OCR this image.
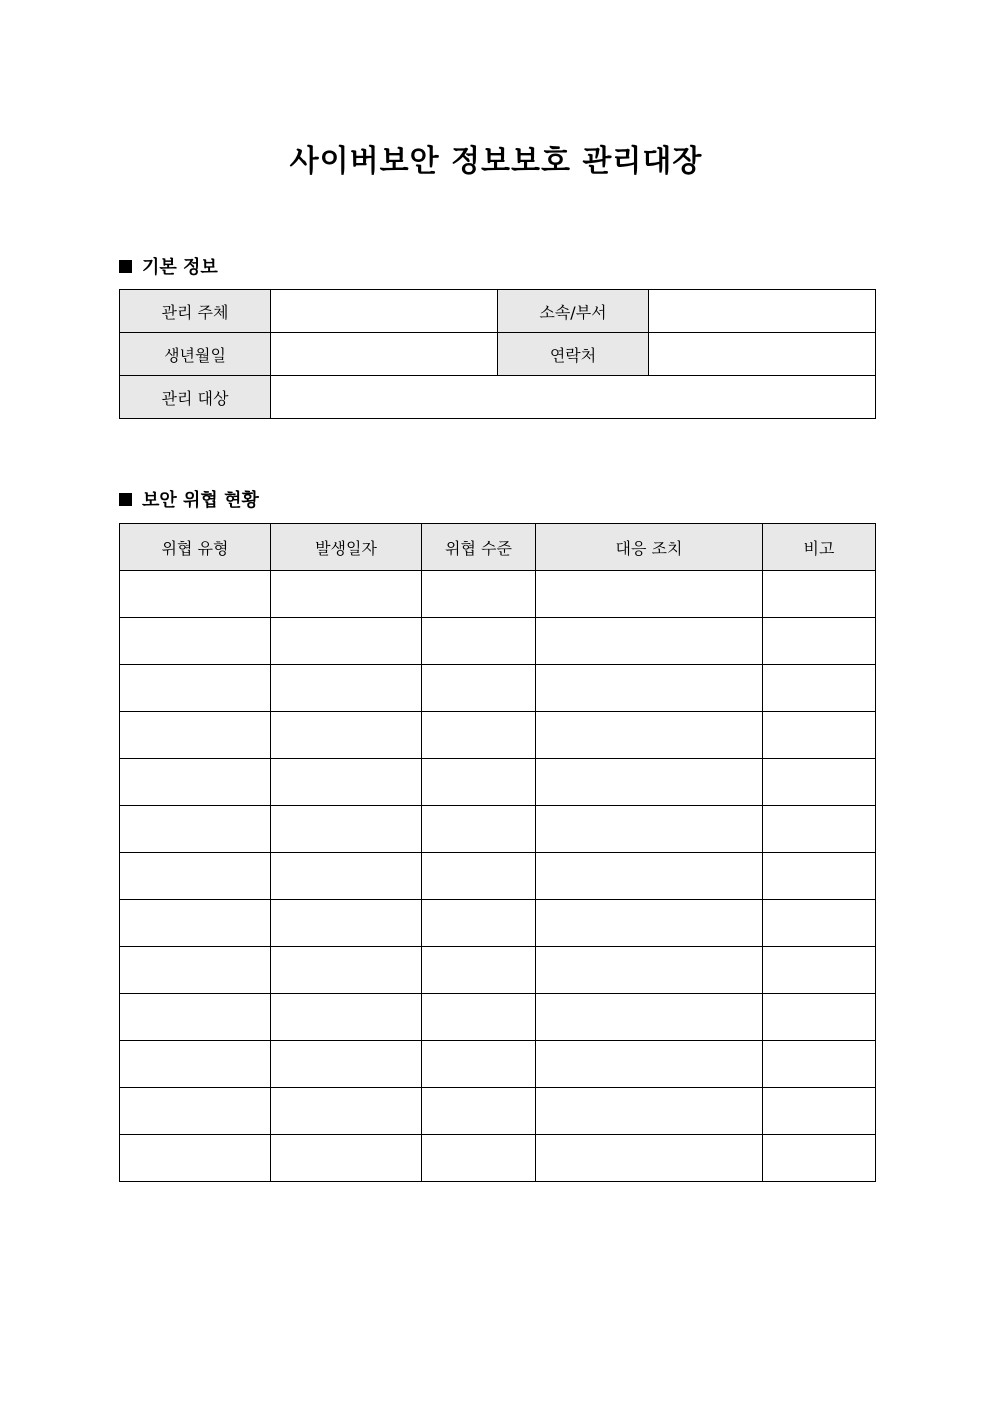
사이버보안 정보보호 관리대장
기본 정보
관리 주체		소속/부서	
생년월일		연락처	
관리 대상			
보안 위협 현황
위협 유형	발생일자	위협 수준	대응 조치	비고
